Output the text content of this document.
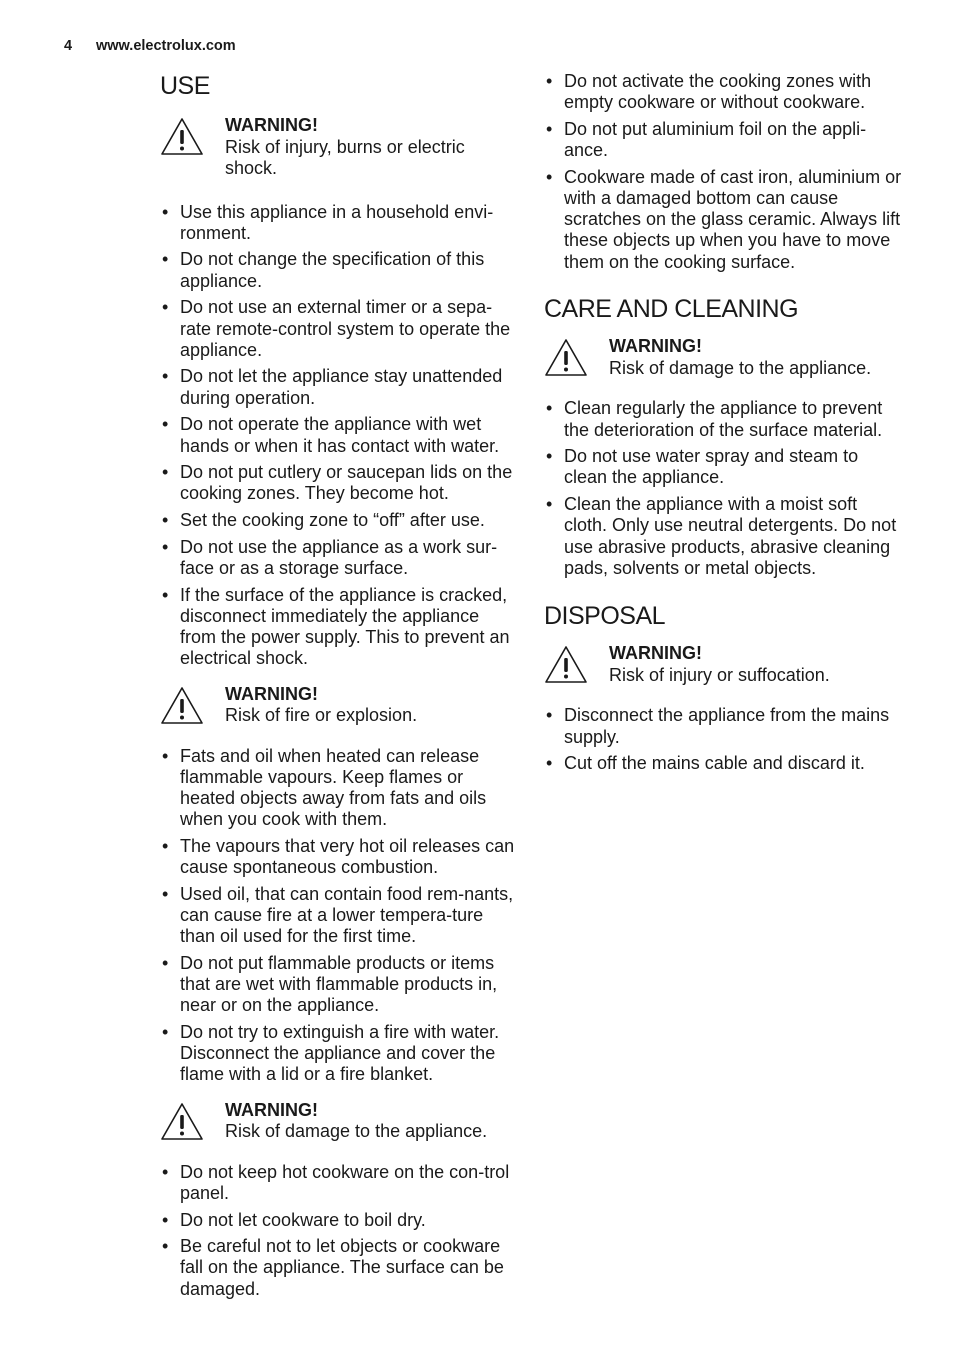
4 www.electrolux.com
USE
WARNING!
Risk of injury, burns or electric shock.
• Use this appliance in a household envi-ronment.
• Do not change the specification of this appliance.
• Do not use an external timer or a sepa-rate remote-control system to operate the appliance.
• Do not let the appliance stay unattended during operation.
• Do not operate the appliance with wet hands or when it has contact with water.
• Do not put cutlery or saucepan lids on the cooking zones. They become hot.
• Set the cooking zone to “off” after use.
• Do not use the appliance as a work sur-face or as a storage surface.
• If the surface of the appliance is cracked, disconnect immediately the appliance from the power supply. This to prevent an electrical shock.
WARNING!
Risk of fire or explosion.
• Fats and oil when heated can release flammable vapours. Keep flames or heated objects away from fats and oils when you cook with them.
• The vapours that very hot oil releases can cause spontaneous combustion.
• Used oil, that can contain food rem-nants, can cause fire at a lower tempera-ture than oil used for the first time.
• Do not put flammable products or items that are wet with flammable products in, near or on the appliance.
• Do not try to extinguish a fire with water. Disconnect the appliance and cover the flame with a lid or a fire blanket.
WARNING!
Risk of damage to the appliance.
• Do not keep hot cookware on the con-trol panel.
• Do not let cookware to boil dry.
• Be careful not to let objects or cookware fall on the appliance. The surface can be damaged.
• Do not activate the cooking zones with empty cookware or without cookware.
• Do not put aluminium foil on the appli-ance.
• Cookware made of cast iron, aluminium or with a damaged bottom can cause scratches on the glass ceramic. Always lift these objects up when you have to move them on the cooking surface.
CARE AND CLEANING
WARNING!
Risk of damage to the appliance.
• Clean regularly the appliance to prevent the deterioration of the surface material.
• Do not use water spray and steam to clean the appliance.
• Clean the appliance with a moist soft cloth. Only use neutral detergents. Do not use abrasive products, abrasive cleaning pads, solvents or metal objects.
DISPOSAL
WARNING!
Risk of injury or suffocation.
• Disconnect the appliance from the mains supply.
• Cut off the mains cable and discard it.
